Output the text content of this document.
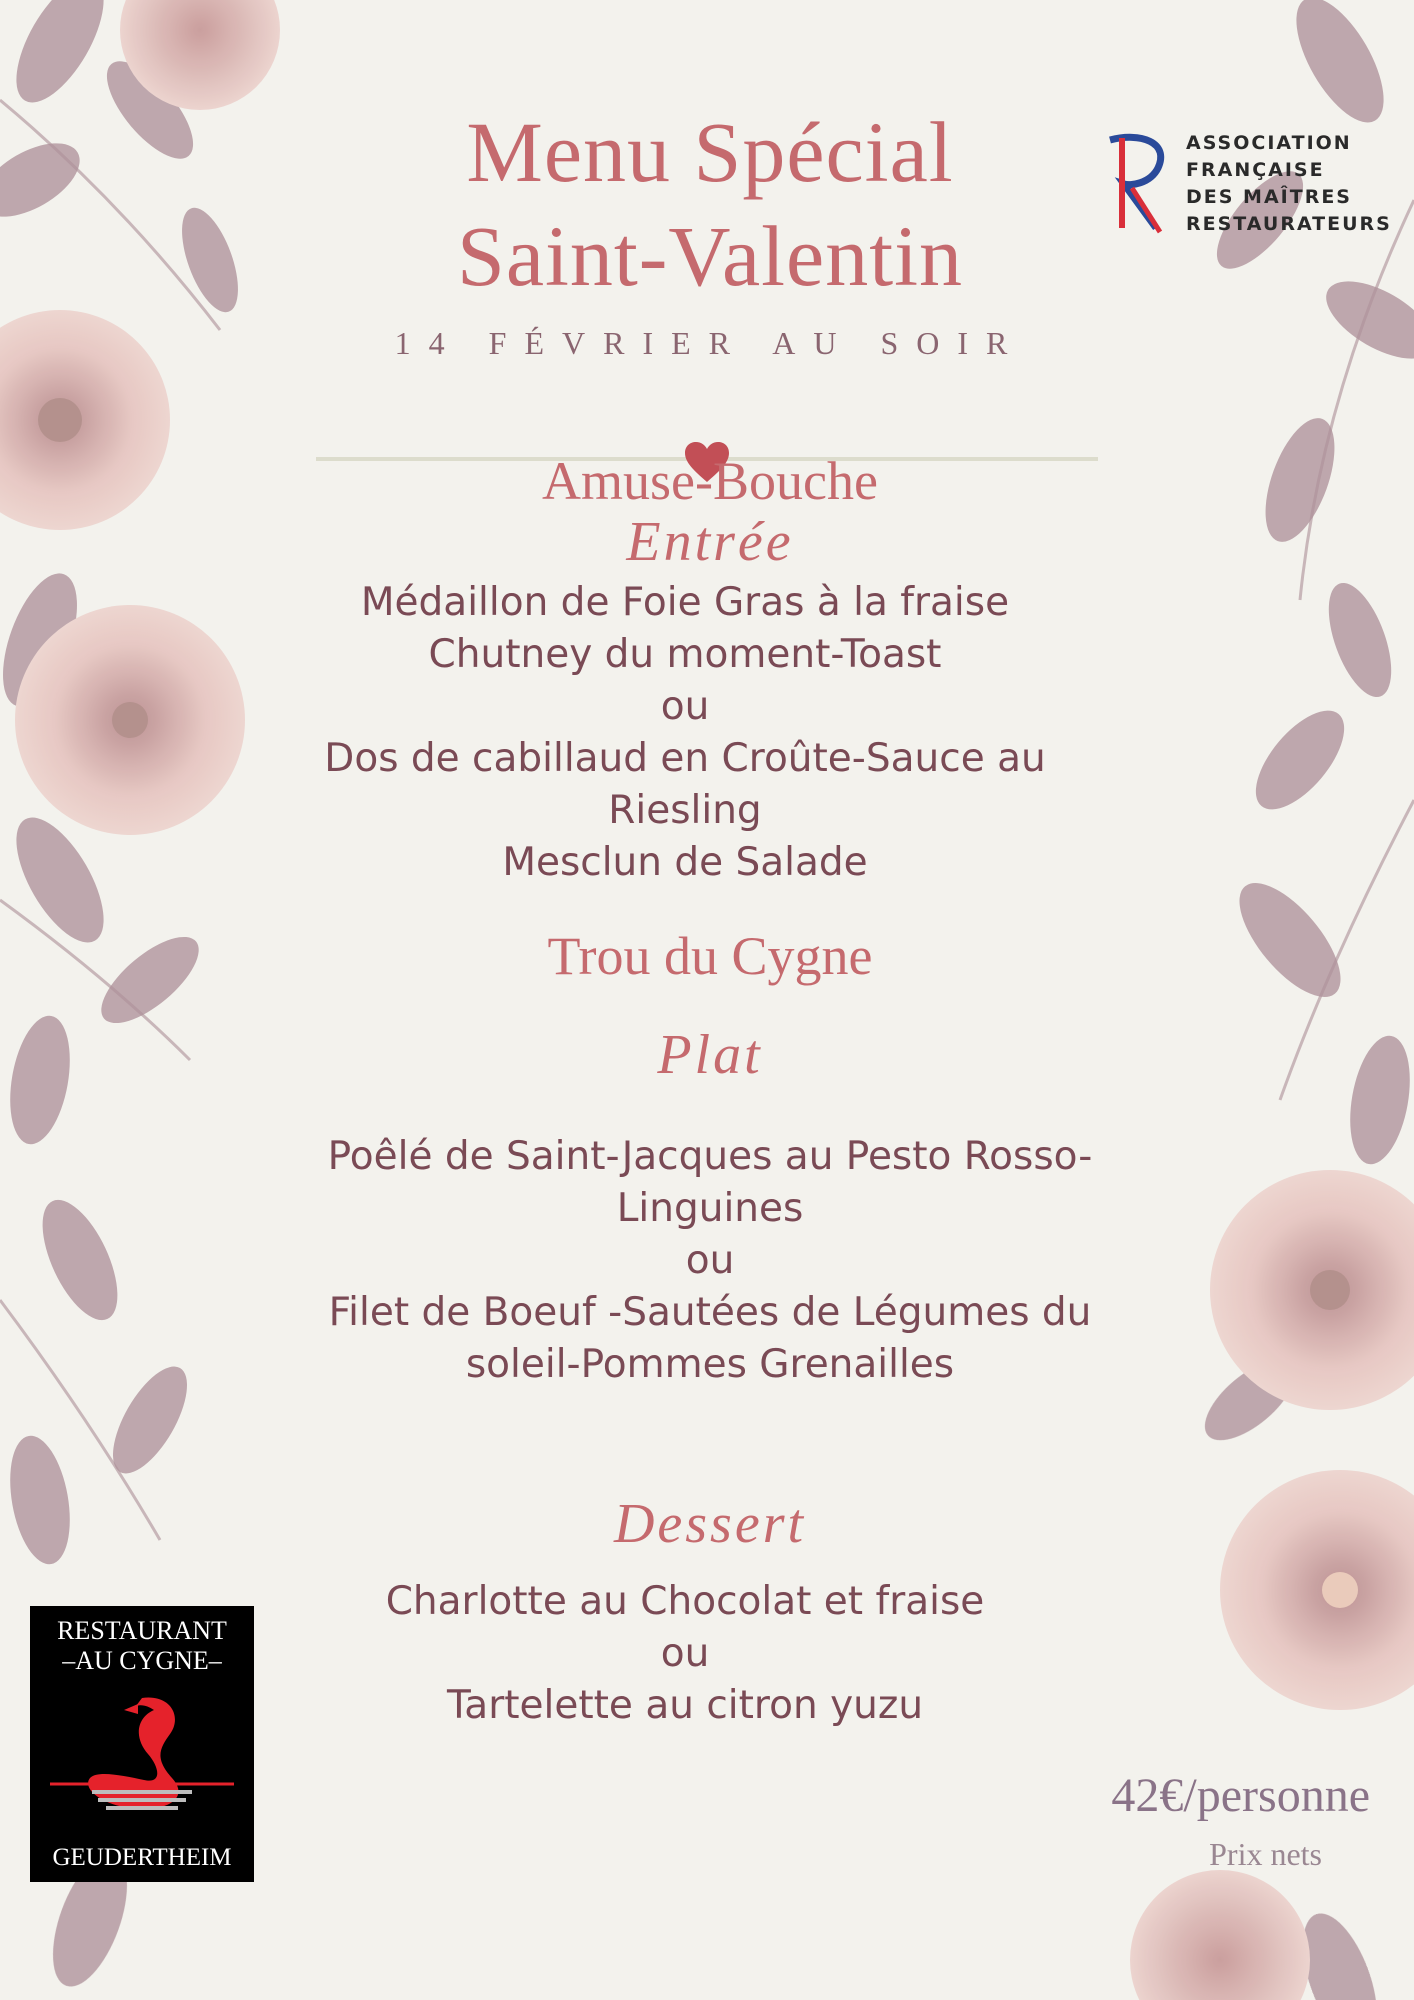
Menu Spécial
Saint-Valentin
14 FÉVRIER AU SOIR
Amuse-Bouche
Entrée
Médaillon de Foie Gras à la fraise
Chutney du moment-Toast
ou
Dos de cabillaud en Croûte-Sauce au
Riesling
Mesclun de Salade
Trou du Cygne
Plat
Poêlé de Saint-Jacques au Pesto Rosso-
Linguines
ou
Filet de Boeuf -Sautées de Légumes du
soleil-Pommes Grenailles
Dessert
Charlotte au Chocolat et fraise
ou
Tartelette au citron yuzu
ASSOCIATION
FRANÇAISE
DES MAÎTRES
RESTAURATEURS
RESTAURANT
–AU CYGNE–
GEUDERTHEIM
42€/personne
Prix nets
